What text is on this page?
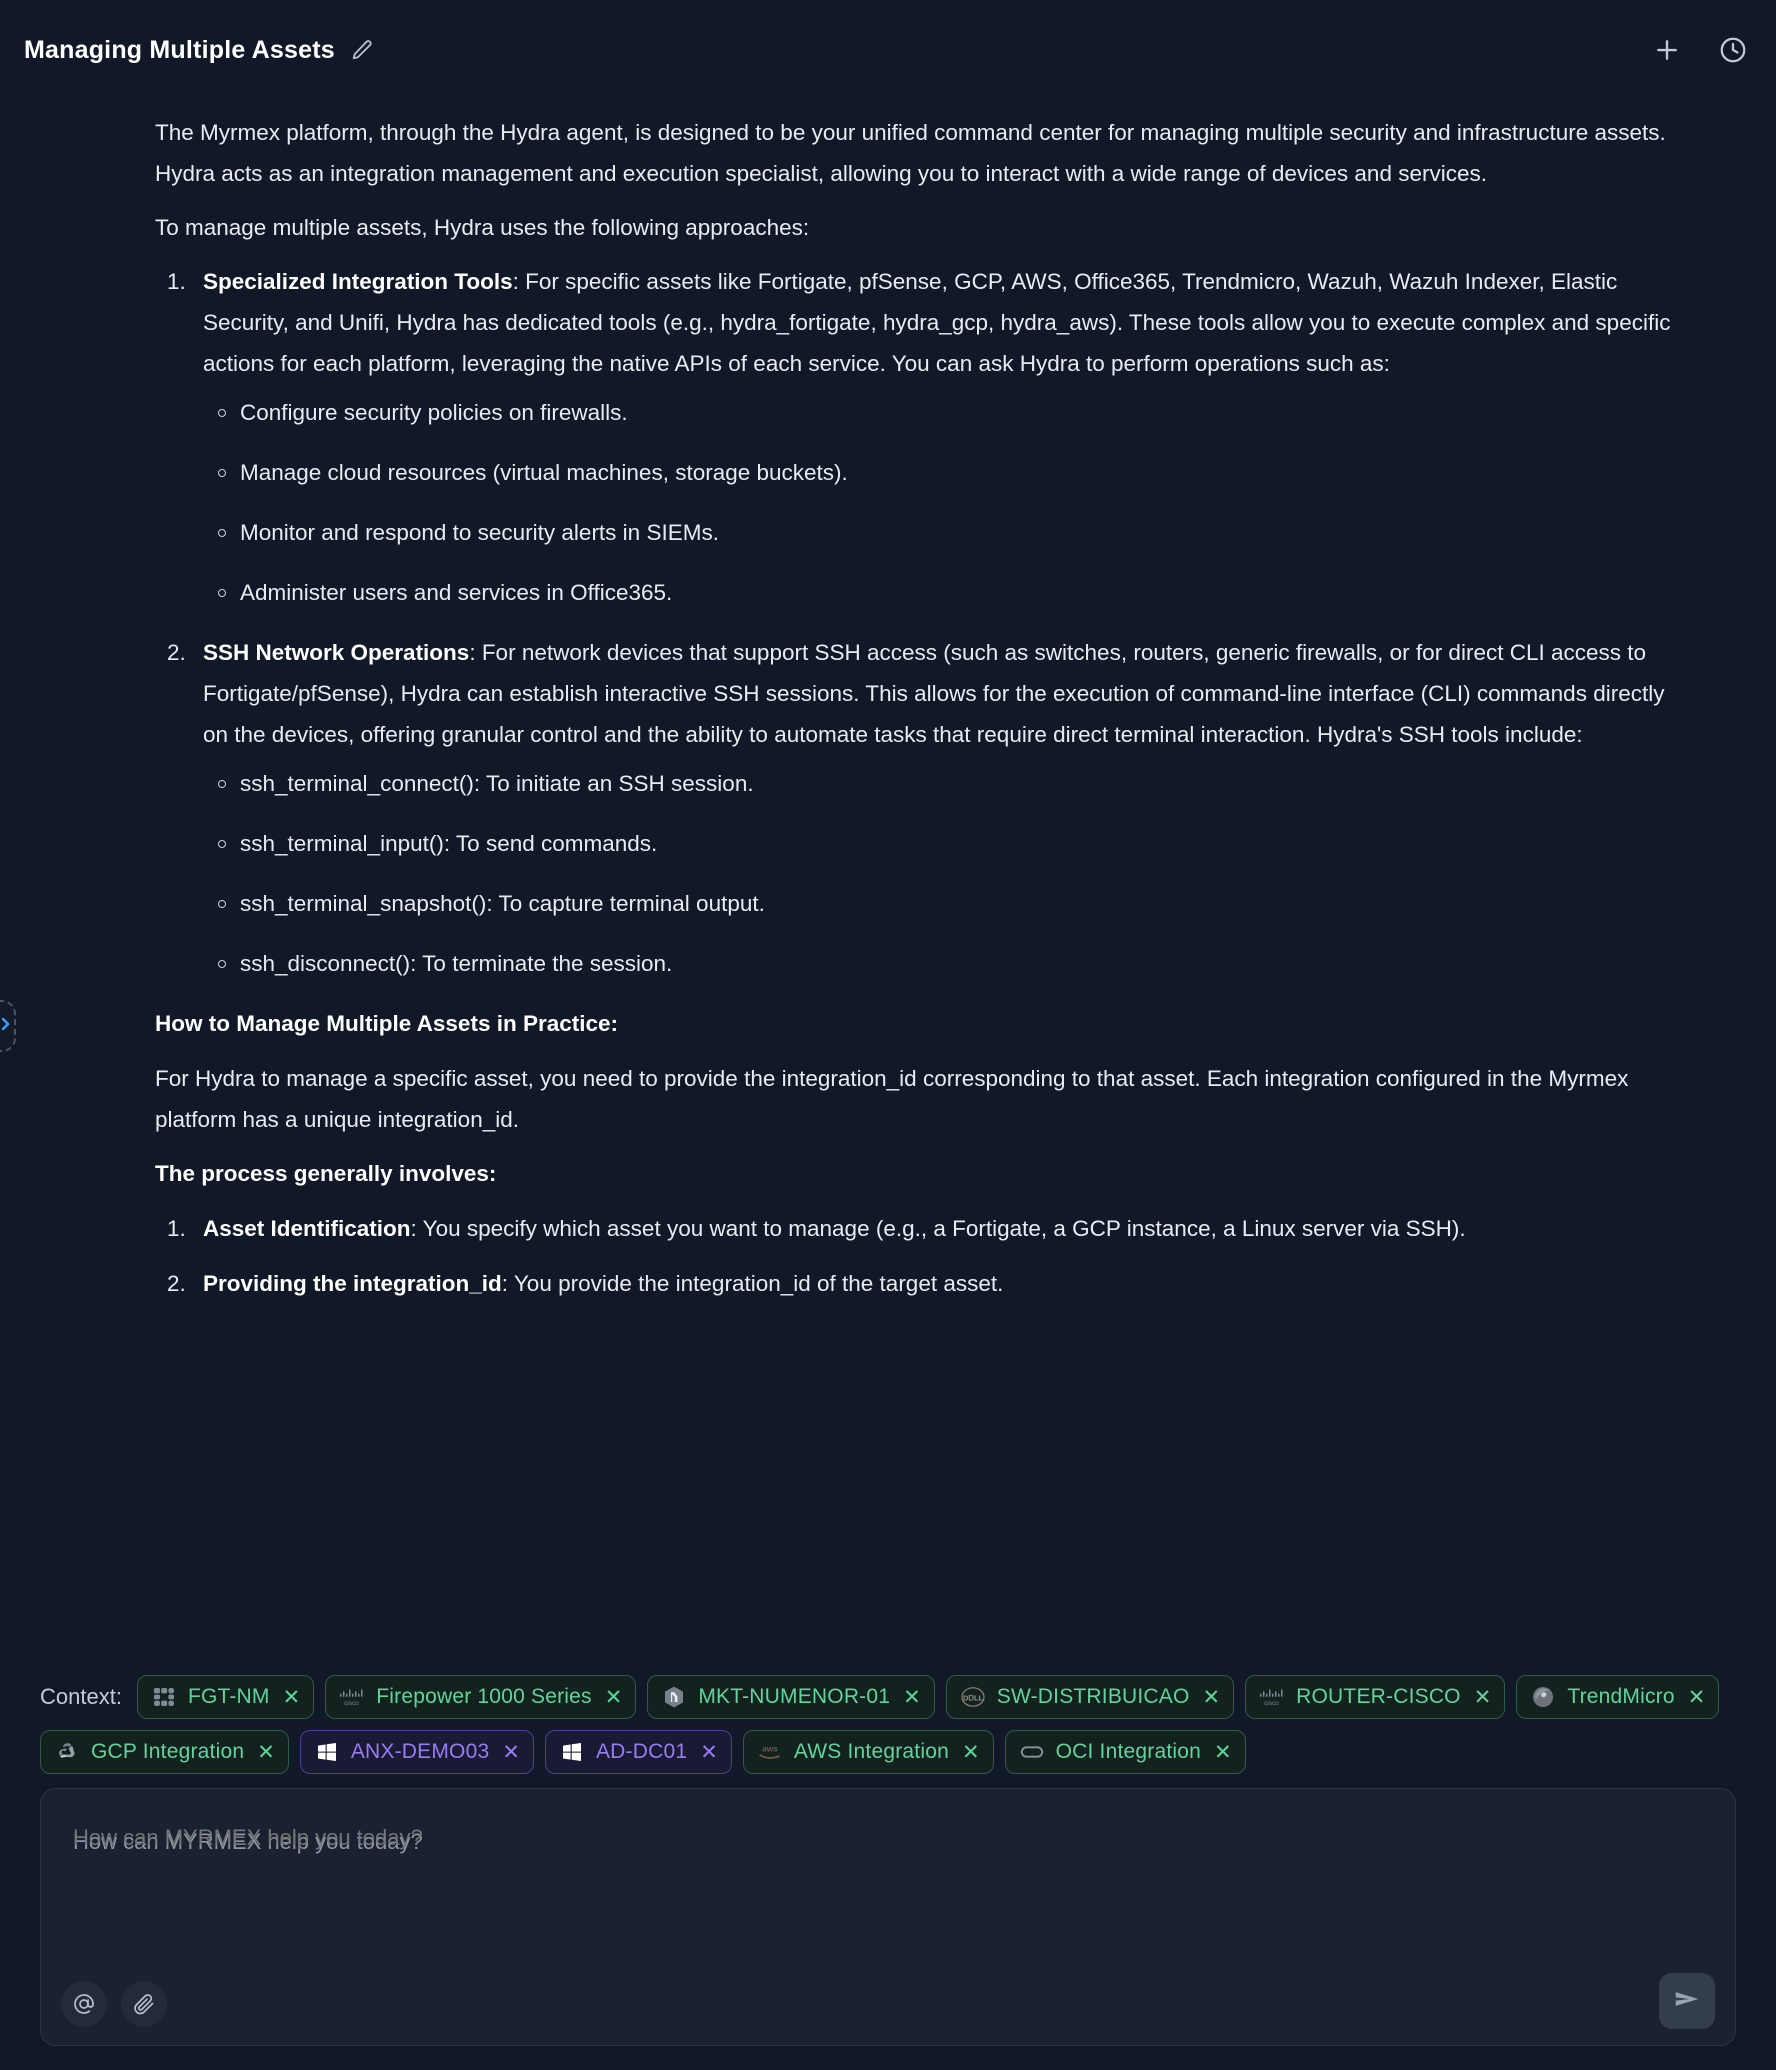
Managing Multiple Assets

The Myrmex platform, through the Hydra agent, is designed to be your unified command center for managing multiple security and infrastructure assets. Hydra acts as an integration management and execution specialist, allowing you to interact with a wide range of devices and services.

To manage multiple assets, Hydra uses the following approaches:

Specialized Integration Tools: For specific assets like Fortigate, pfSense, GCP, AWS, Office365, Trendmicro, Wazuh, Wazuh Indexer, Elastic Security, and Unifi, Hydra has dedicated tools (e.g., hydra_fortigate, hydra_gcp, hydra_aws). These tools allow you to execute complex and specific actions for each platform, leveraging the native APIs of each service. You can ask Hydra to perform operations such as:
Configure security policies on firewalls.
Manage cloud resources (virtual machines, storage buckets).
Monitor and respond to security alerts in SIEMs.
Administer users and services in Office365.
SSH Network Operations: For network devices that support SSH access (such as switches, routers, generic firewalls, or for direct CLI access to Fortigate/pfSense), Hydra can establish interactive SSH sessions. This allows for the execution of command-line interface (CLI) commands directly on the devices, offering granular control and the ability to automate tasks that require direct terminal interaction. Hydra's SSH tools include:
ssh_terminal_connect(): To initiate an SSH session.
ssh_terminal_input(): To send commands.
ssh_terminal_snapshot(): To capture terminal output.
ssh_disconnect(): To terminate the session.
How to Manage Multiple Assets in Practice:

For Hydra to manage a specific asset, you need to provide the integration_id corresponding to that asset. Each integration configured in the Myrmex platform has a unique integration_id.

The process generally involves:
Asset Identification: You specify which asset you want to manage (e.g., a Fortigate, a GCP instance, a Linux server via SSH).
Providing the integration_id: You provide the integration_id of the target asset.
Context:	FGT-NM ✕	cisco Firepower 1000 Series ✕	MKT-NUMENOR-01 ✕	DⅮLL SW-DISTRIBUICAO ✕	cisco ROUTER-CISCO ✕	TrendMicro ✕
GCP Integration ✕	ANX-DEMO03 ✕	AD-DC01 ✕	aws AWS Integration ✕	OCI Integration ✕
How can MYRMEX help you today?
How can MYRMEX help you today?
